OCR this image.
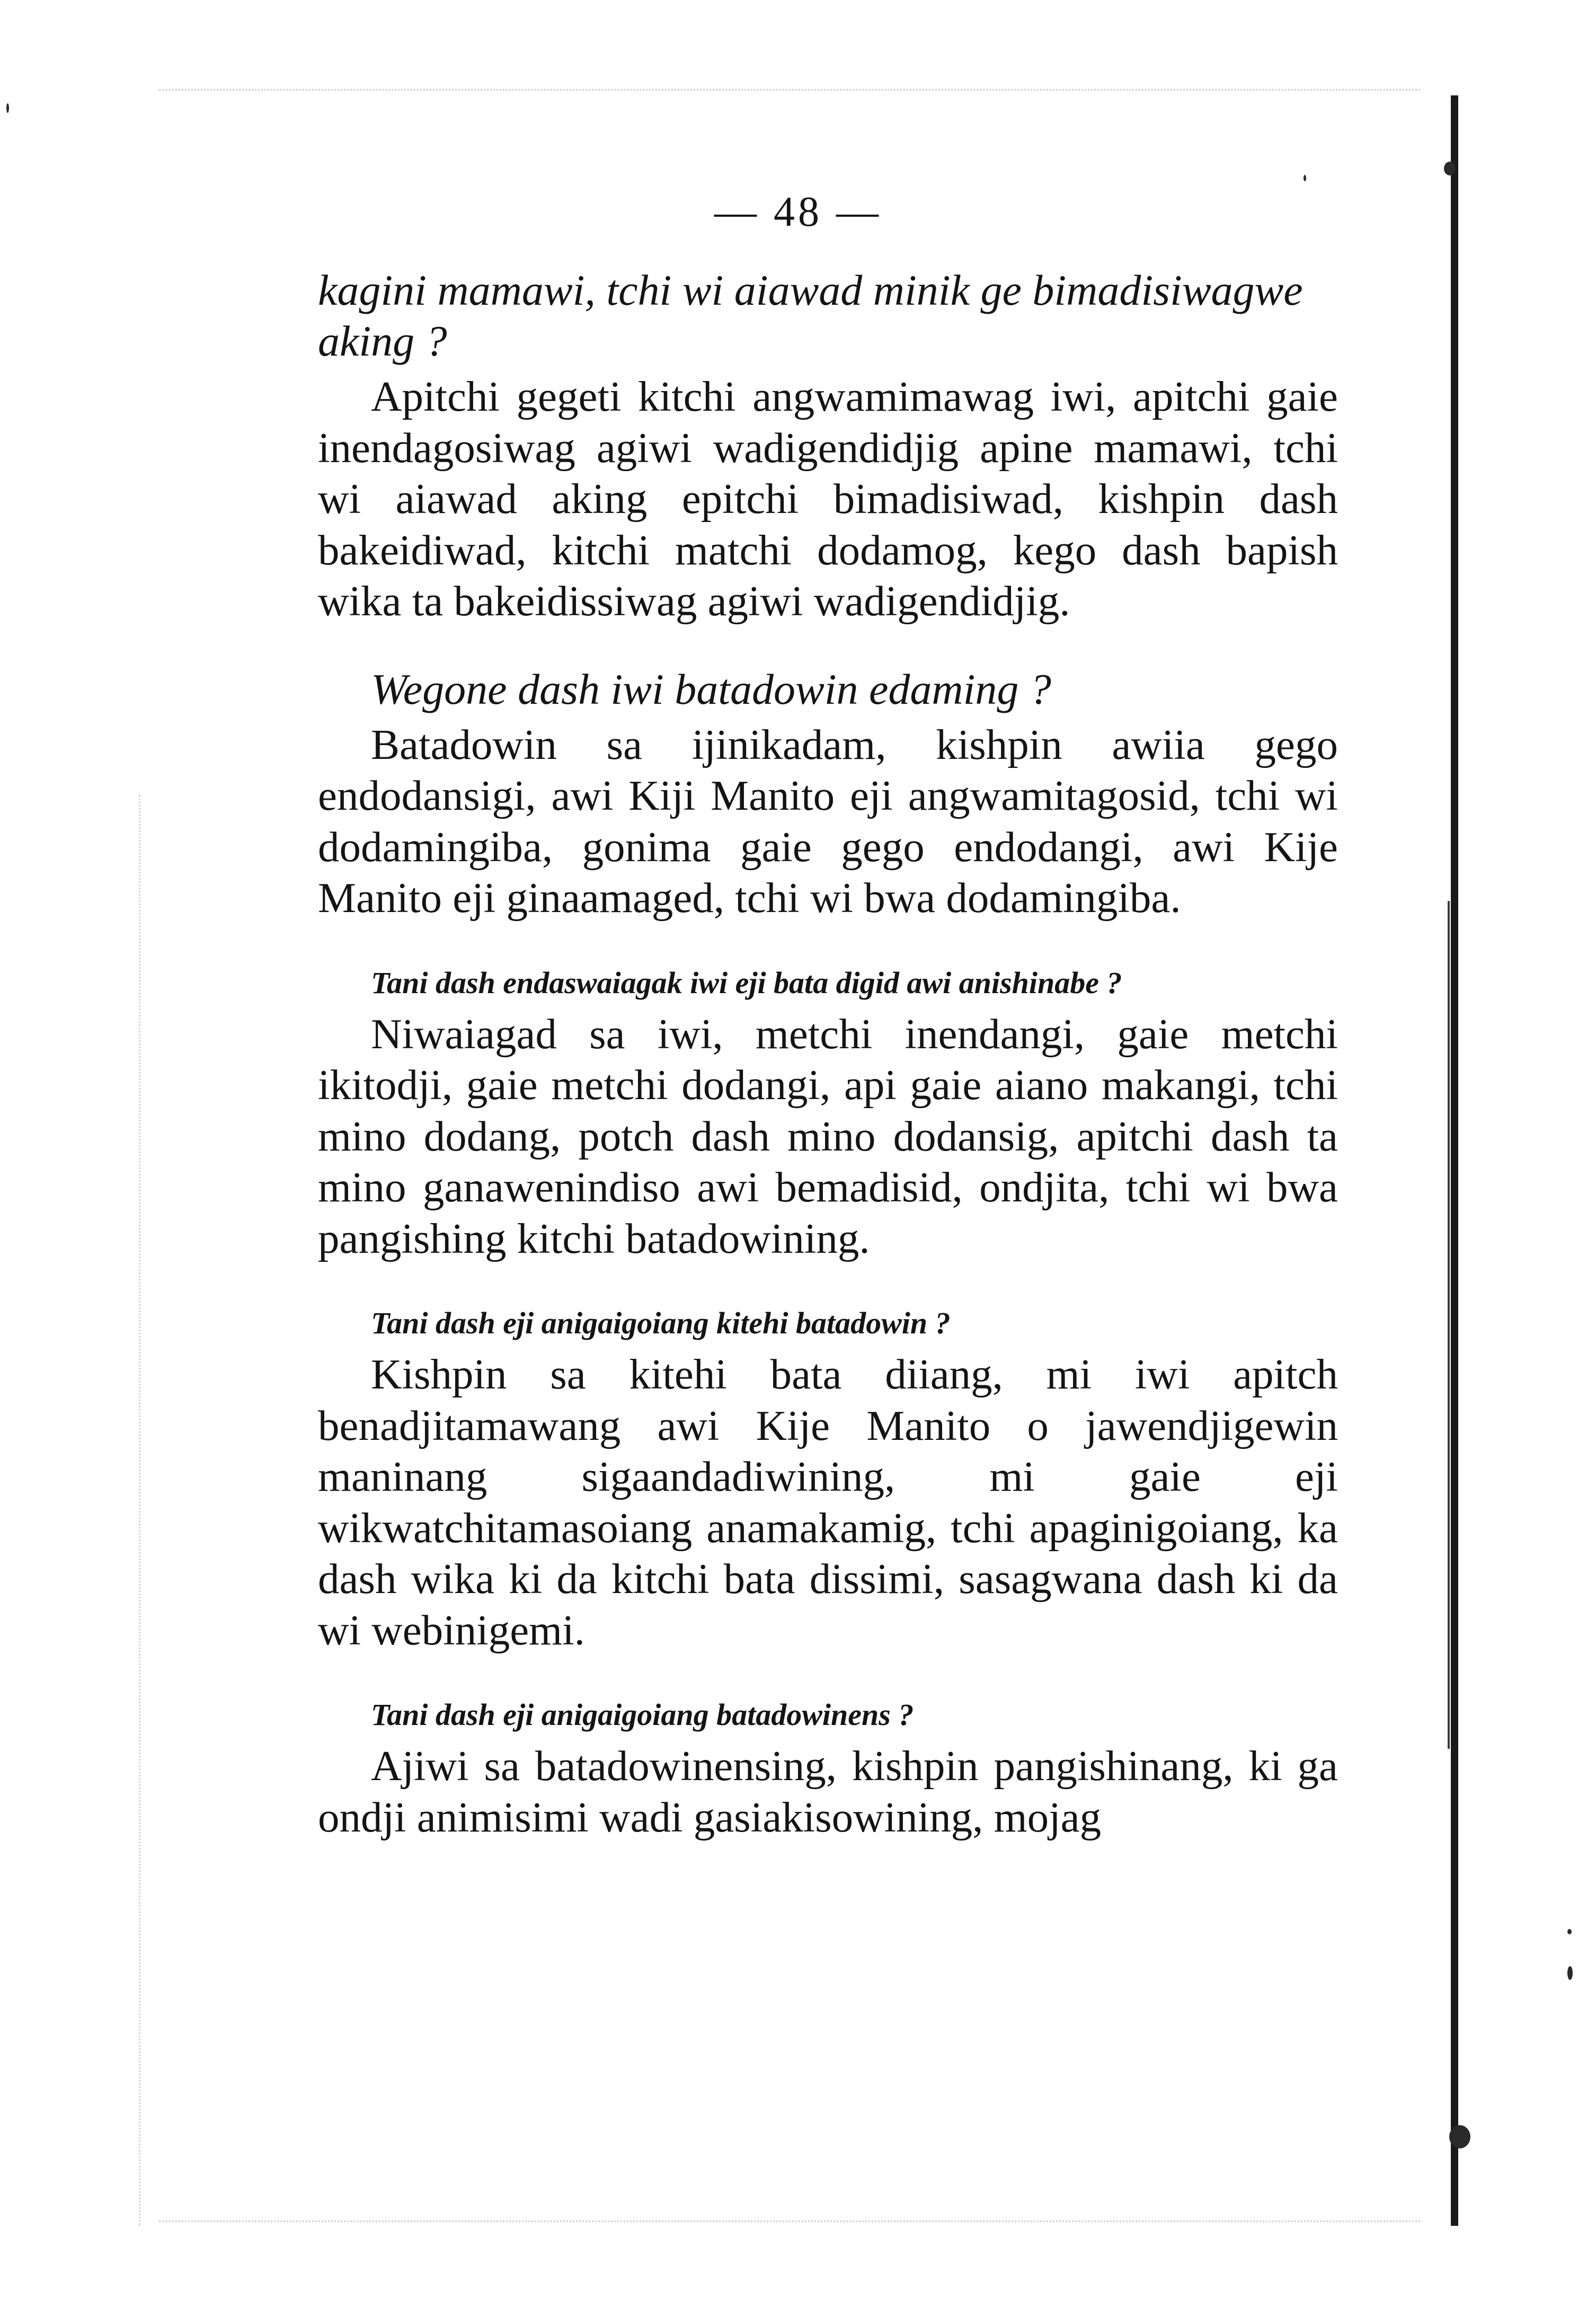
— 48 —

kagini mamawi, tchi wi aiawad minik ge bimadisiwagwe aking ?

Apitchi gegeti kitchi angwamimawag iwi, apitchi gaie inendagosiwag agiwi wadigendidjig apine mamawi, tchi wi aiawad aking epitchi bimadisiwad, kishpin dash bakeidiwad, kitchi matchi dodamog, kego dash bapish wika ta bakeidissiwag agiwi wadigendidjig.

Wegone dash iwi batadowin edaming ?

Batadowin sa ijinikadam, kishpin awiia gego endodansigi, awi Kiji Manito eji angwamitagosid, tchi wi dodamingiba, gonima gaie gego endodangi, awi Kije Manito eji ginaamaged, tchi wi bwa dodamingiba.

Tani dash endaswaiagak iwi eji bata digid awi anishinabe ?

Niwaiagad sa iwi, metchi inendangi, gaie metchi ikitodji, gaie metchi dodangi, api gaie aiano makangi, tchi mino dodang, potch dash mino dodansig, apitchi dash ta mino ganawenindiso awi bemadisid, ondjita, tchi wi bwa pangishing kitchi batadowining.

Tani dash eji anigaigoiang kitehi batadowin ?

Kishpin sa kitehi bata diiang, mi iwi apitch benadjitamawang awi Kije Manito o jawendjigewin maninang sigaandadiwining, mi gaie eji wikwatchitamasoiang anamakamig, tchi apaginigoiang, ka dash wika ki da kitchi bata dissimi, sasagwana dash ki da wi webinigemi.

Tani dash eji anigaigoiang batadowinens ?

Ajiwi sa batadowinensing, kishpin pangishinang, ki ga ondji animisimi wadi gasiakisowining, mojag
